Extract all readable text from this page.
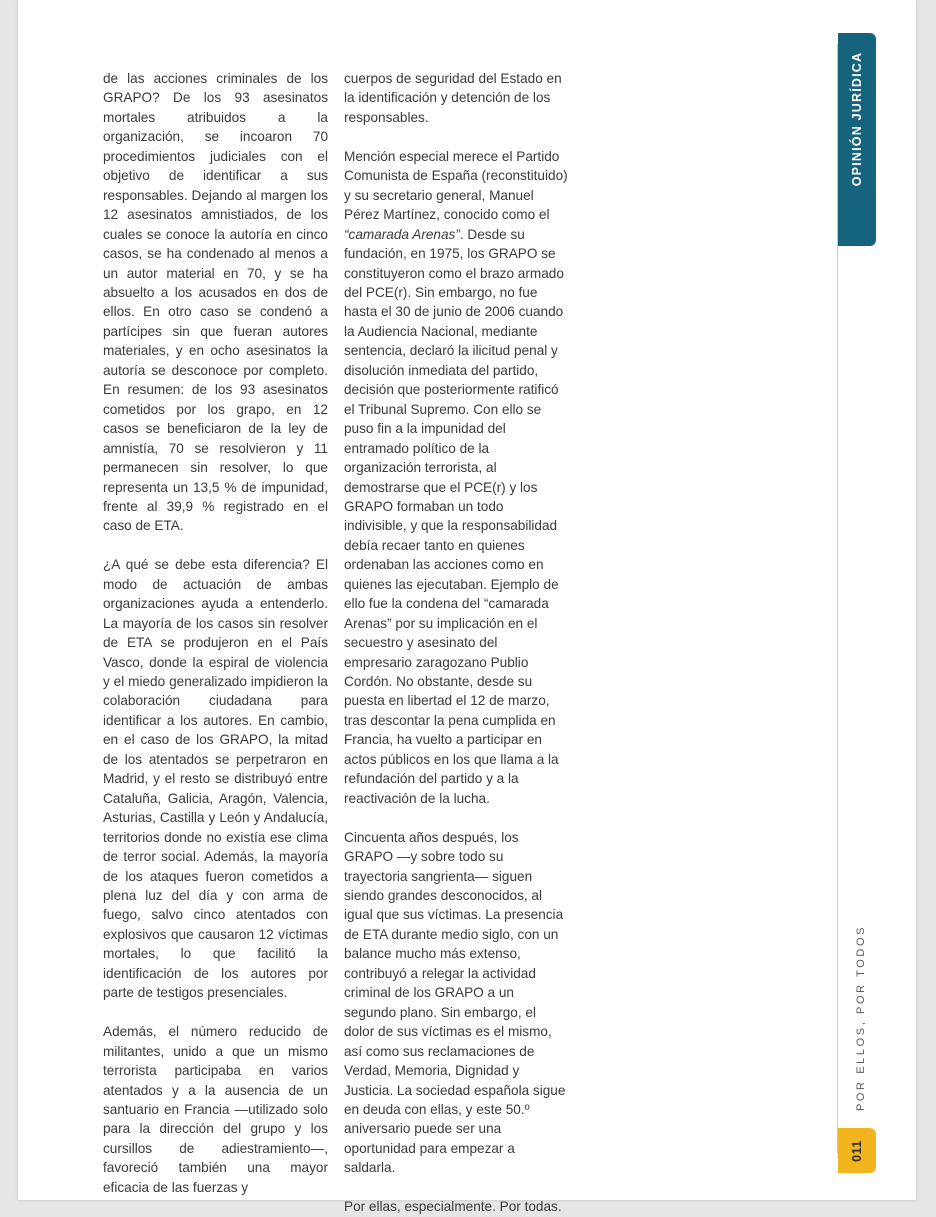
de las acciones criminales de los GRAPO? De los 93 asesinatos mortales atribuidos a la organización, se incoaron 70 procedimientos judiciales con el objetivo de identificar a sus responsables. Dejando al margen los 12 asesinatos amnistiados, de los cuales se conoce la autoría en cinco casos, se ha condenado al menos a un autor material en 70, y se ha absuelto a los acusados en dos de ellos. En otro caso se condenó a partícipes sin que fueran autores materiales, y en ocho asesinatos la autoría se desconoce por completo. En resumen: de los 93 asesinatos cometidos por los grapo, en 12 casos se beneficiaron de la ley de amnistía, 70 se resolvieron y 11 permanecen sin resolver, lo que representa un 13,5 % de impunidad, frente al 39,9 % registrado en el caso de ETA.

¿A qué se debe esta diferencia? El modo de actuación de ambas organizaciones ayuda a entenderlo. La mayoría de los casos sin resolver de ETA se produjeron en el País Vasco, donde la espiral de violencia y el miedo generalizado impidieron la colaboración ciudadana para identificar a los autores. En cambio, en el caso de los GRAPO, la mitad de los atentados se perpetraron en Madrid, y el resto se distribuyó entre Cataluña, Galicia, Aragón, Valencia, Asturias, Castilla y León y Andalucía, territorios donde no existía ese clima de terror social. Además, la mayoría de los ataques fueron cometidos a plena luz del día y con arma de fuego, salvo cinco atentados con explosivos que causaron 12 víctimas mortales, lo que facilitó la identificación de los autores por parte de testigos presenciales.

Además, el número reducido de militantes, unido a que un mismo terrorista participaba en varios atentados y a la ausencia de un santuario en Francia —utilizado solo para la dirección del grupo y los cursillos de adiestramiento—, favoreció también una mayor eficacia de las fuerzas y

cuerpos de seguridad del Estado en la identificación y detención de los responsables.

Mención especial merece el Partido Comunista de España (reconstituido) y su secretario general, Manuel Pérez Martínez, conocido como el “camarada Arenas”. Desde su fundación, en 1975, los GRAPO se constituyeron como el brazo armado del PCE(r). Sin embargo, no fue hasta el 30 de junio de 2006 cuando la Audiencia Nacional, mediante sentencia, declaró la ilicitud penal y disolución inmediata del partido, decisión que posteriormente ratificó el Tribunal Supremo. Con ello se puso fin a la impunidad del entramado político de la organización terrorista, al demostrarse que el PCE(r) y los GRAPO formaban un todo indivisible, y que la responsabilidad debía recaer tanto en quienes ordenaban las acciones como en quienes las ejecutaban. Ejemplo de ello fue la condena del “camarada Arenas” por su implicación en el secuestro y asesinato del empresario zaragozano Publio Cordón. No obstante, desde su puesta en libertad el 12 de marzo, tras descontar la pena cumplida en Francia, ha vuelto a participar en actos públicos en los que llama a la refundación del partido y a la reactivación de la lucha.

Cincuenta años después, los GRAPO —y sobre todo su trayectoria sangrienta— siguen siendo grandes desconocidos, al igual que sus víctimas. La presencia de ETA durante medio siglo, con un balance mucho más extenso, contribuyó a relegar la actividad criminal de los GRAPO a un segundo plano. Sin embargo, el dolor de sus víctimas es el mismo, así como sus reclamaciones de Verdad, Memoria, Dignidad y Justicia. La sociedad española sigue en deuda con ellas, y este 50.º aniversario puede ser una oportunidad para empezar a saldarla.

Por ellas, especialmente. Por todas.

OPINIÓN JURÍDICA
POR ELLOS, POR TODOS
011
